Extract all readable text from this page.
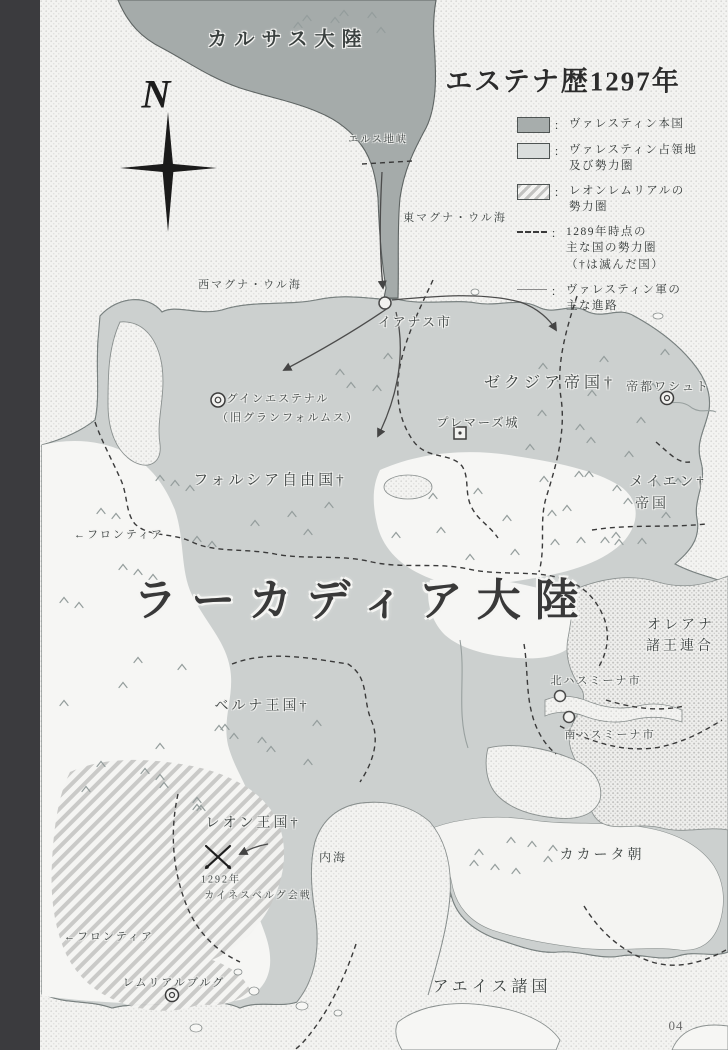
N
カルサス大陸
エステナ歴1297年
エルス地峡
東マグナ・ウル海
西マグナ・ウル海
イアナス市
グインエステナル
（旧グランフォルムス）
ゼクジア帝国† 帝都ワシュト
プレマーズ城
フォルシア自由国†	メイエン†
帝国
←フロンティア
ラーカディア大陸
オレアナ
諸王連合
北ハスミーナ市
南ハスミーナ市
ベルナ王国†
レオン王国†
1292年
カイネスベルグ会戦
内海	カカータ朝
←フロンティア
レムリアルブルグ	アエイス諸国
04
： ヴァレスティン本国
： ヴァレスティン占領地
及び勢力圏
： レオンレムリアルの
勢力圏
： 1289年時点の
主な国の勢力圏
（†は滅んだ国）
： ヴァレスティン軍の
主な進路
